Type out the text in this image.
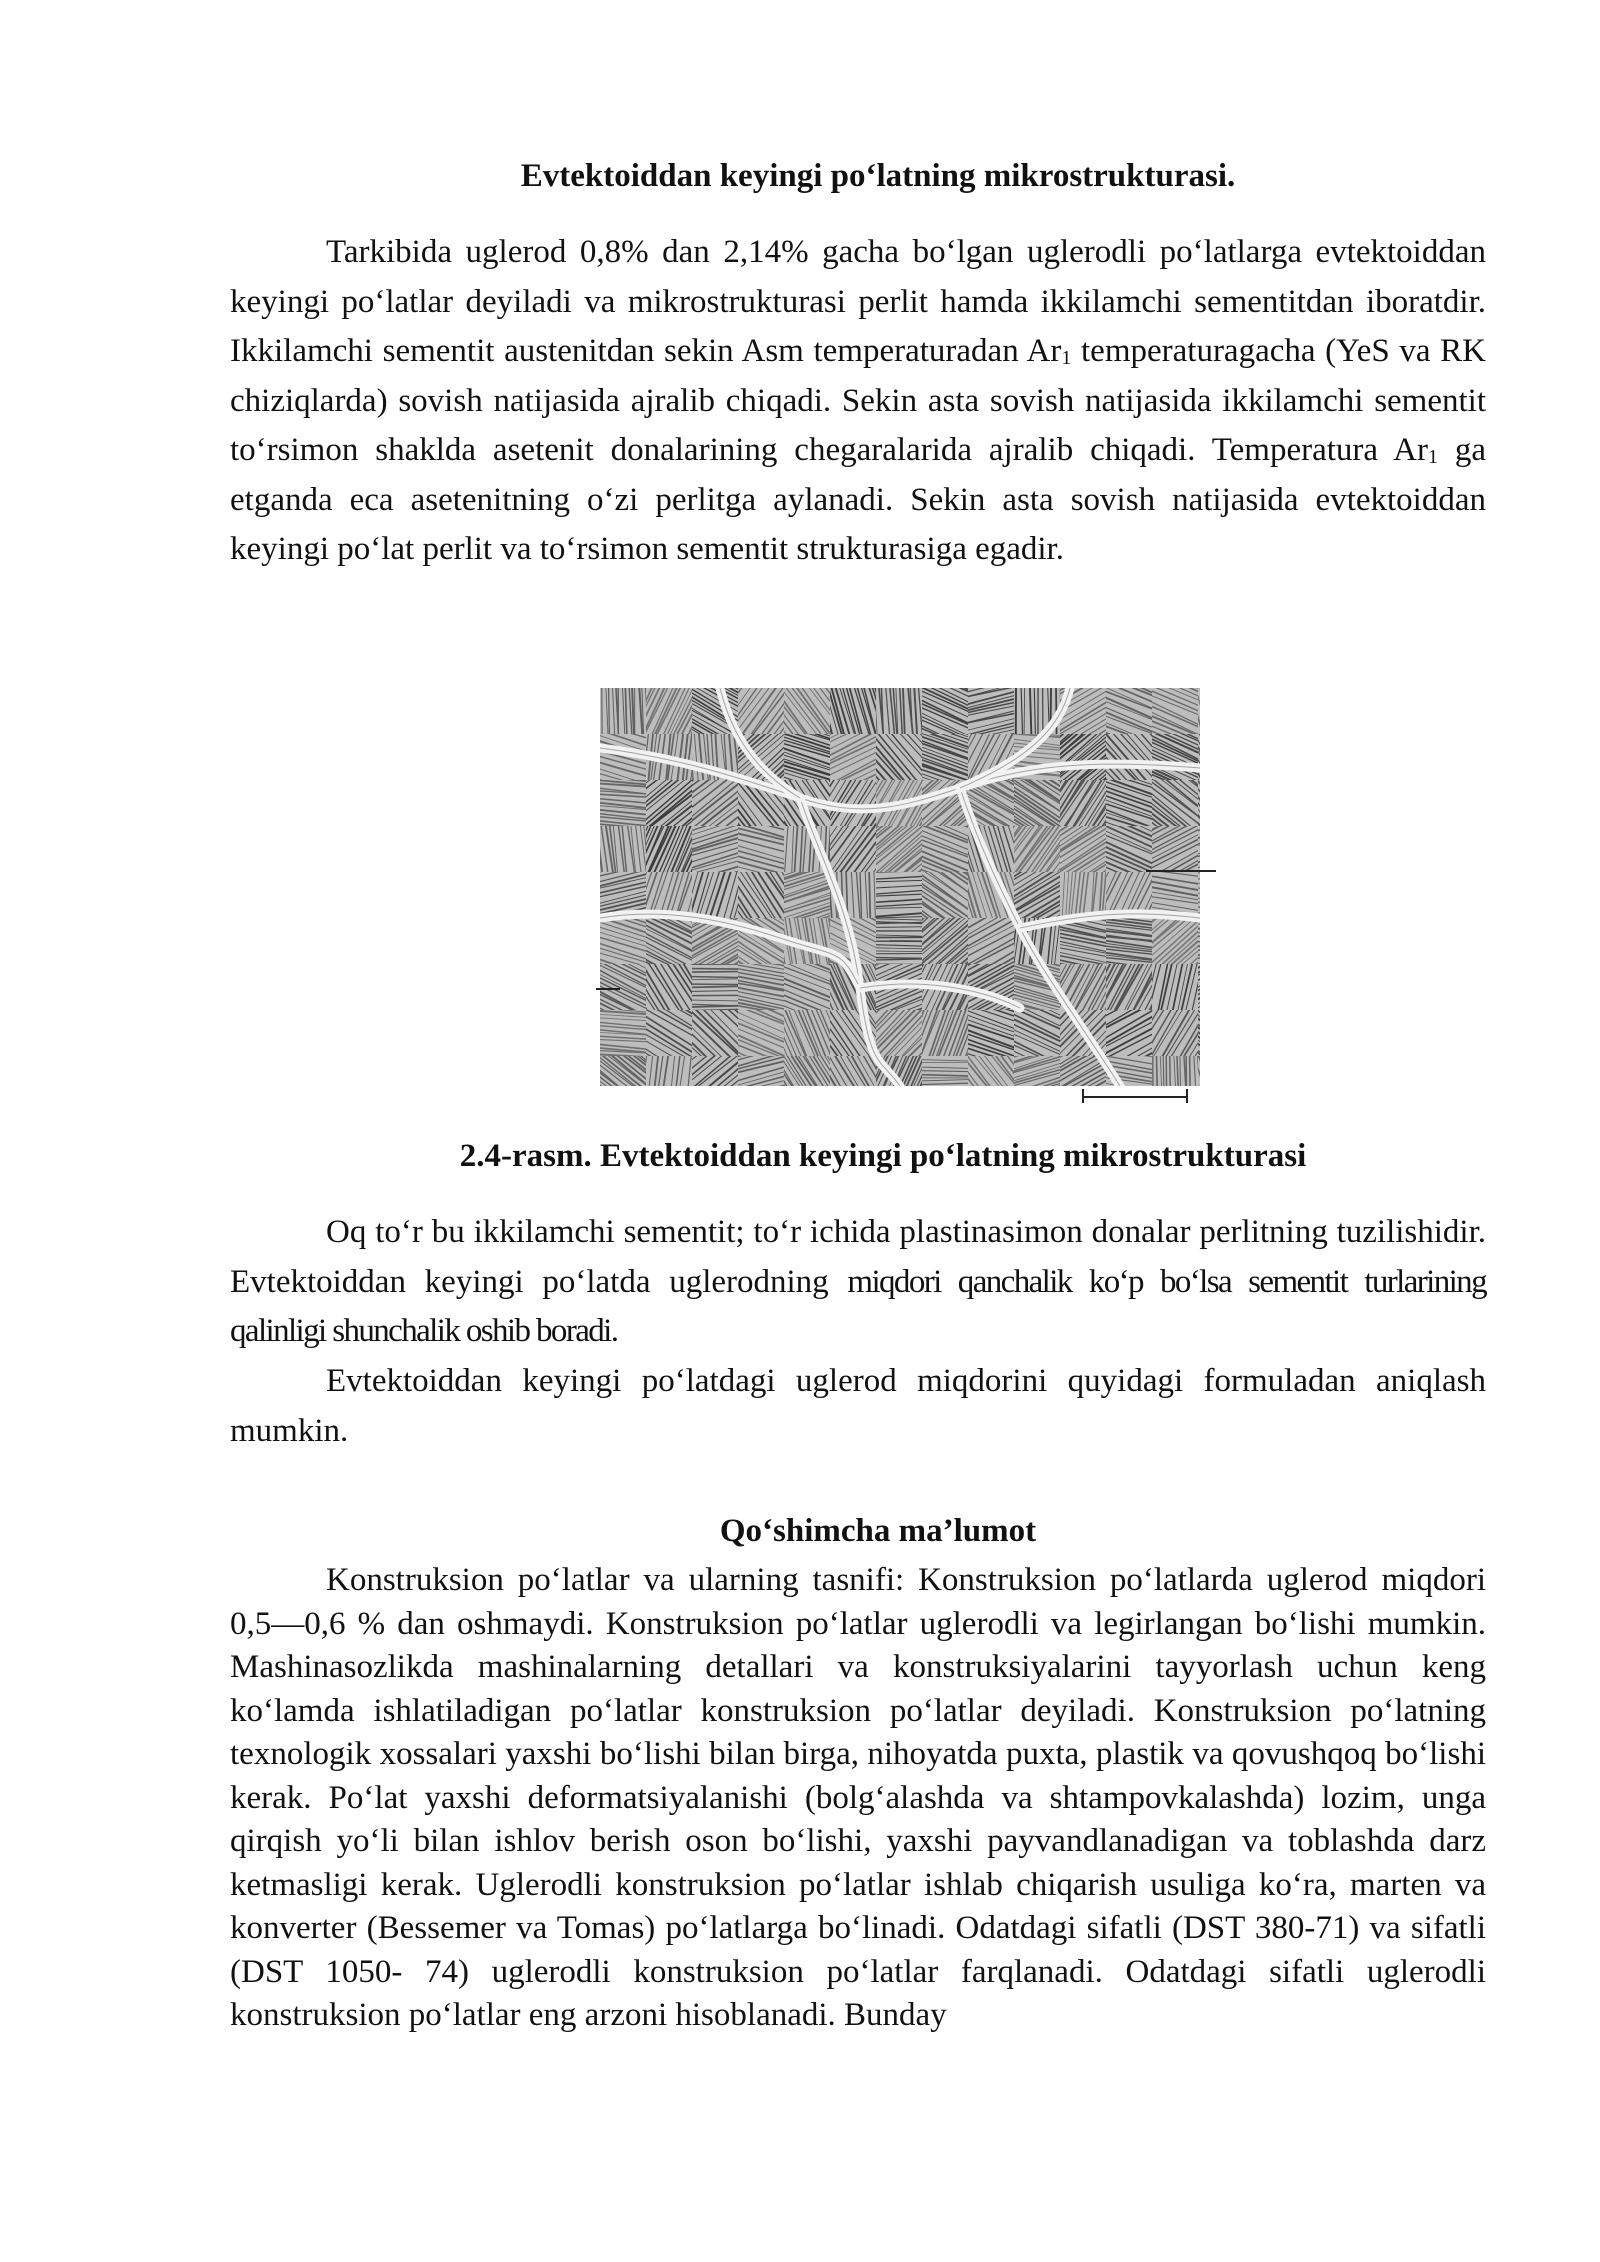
Evtektoiddan keyingi po‘latning mikrostrukturasi.

Tarkibida uglerod 0,8% dan 2,14% gacha bo‘lgan uglerodli po‘latlarga evtektoiddan keyingi po‘latlar deyiladi va mikrostrukturasi perlit hamda ikkilamchi sementitdan iboratdir. Ikkilamchi sementit austenitdan sekin Asm temperaturadan $Ar_1$ temperaturagacha (YeS va RK chiziqlarda) sovish natijasida ajralib chiqadi. Sekin asta sovish natijasida ikkilamchi sementit to‘rsimon shaklda asetenit donalarining chegaralarida ajralib chiqadi. Temperatura $Ar_1$ ga etganda eca asetenitning o‘zi perlitga aylanadi. Sekin asta sovish natijasida evtektoiddan keyingi po‘lat perlit va to‘rsimon sementit strukturasiga egadir.

2.4-rasm. Evtektoiddan keyingi po‘latning mikrostrukturasi

Oq to‘r bu ikkilamchi sementit; to‘r ichida plastinasimon donalar perlitning tuzilishidir. Evtektoiddan keyingi po‘latda uglerodning miqdori qanchalik ko‘p bo‘lsa sementit turlarining qalinligi shunchalik oshib boradi.

Evtektoiddan keyingi po‘latdagi uglerod miqdorini quyidagi formuladan aniqlash mumkin.

Qo‘shimcha ma’lumot

Konstruksion po‘latlar va ularning tasnifi: Konstruksion po‘latlarda uglerod miqdori 0,5—0,6 % dan oshmaydi. Konstruksion po‘latlar uglerodli va legirlangan bo‘lishi mumkin. Mashinasozlikda mashinalarning detallari va konstruksiyalarini tayyorlash uchun keng ko‘lamda ishlatiladigan po‘latlar konstruksion po‘latlar deyiladi. Konstruksion po‘latning texnologik xossalari yaxshi bo‘lishi bilan birga, nihoyatda puxta, plastik va qovushqoq bo‘lishi kerak. Po‘lat yaxshi deformatsiyalanishi (bolg‘alashda va shtampovkalashda) lozim, unga qirqish yo‘li bilan ishlov berish oson bo‘lishi, yaxshi payvandlanadigan va toblashda darz ketmasligi kerak. Uglerodli konstruksion po‘latlar ishlab chiqarish usuliga ko‘ra, marten va konverter (Bessemer va Tomas) po‘latlarga bo‘linadi. Odatdagi sifatli (DST 380-71) va sifatli (DST 1050- 74) uglerodli konstruksion po‘latlar farqlanadi. Odatdagi sifatli uglerodli konstruksion po‘latlar eng arzoni hisoblanadi. Bunday
